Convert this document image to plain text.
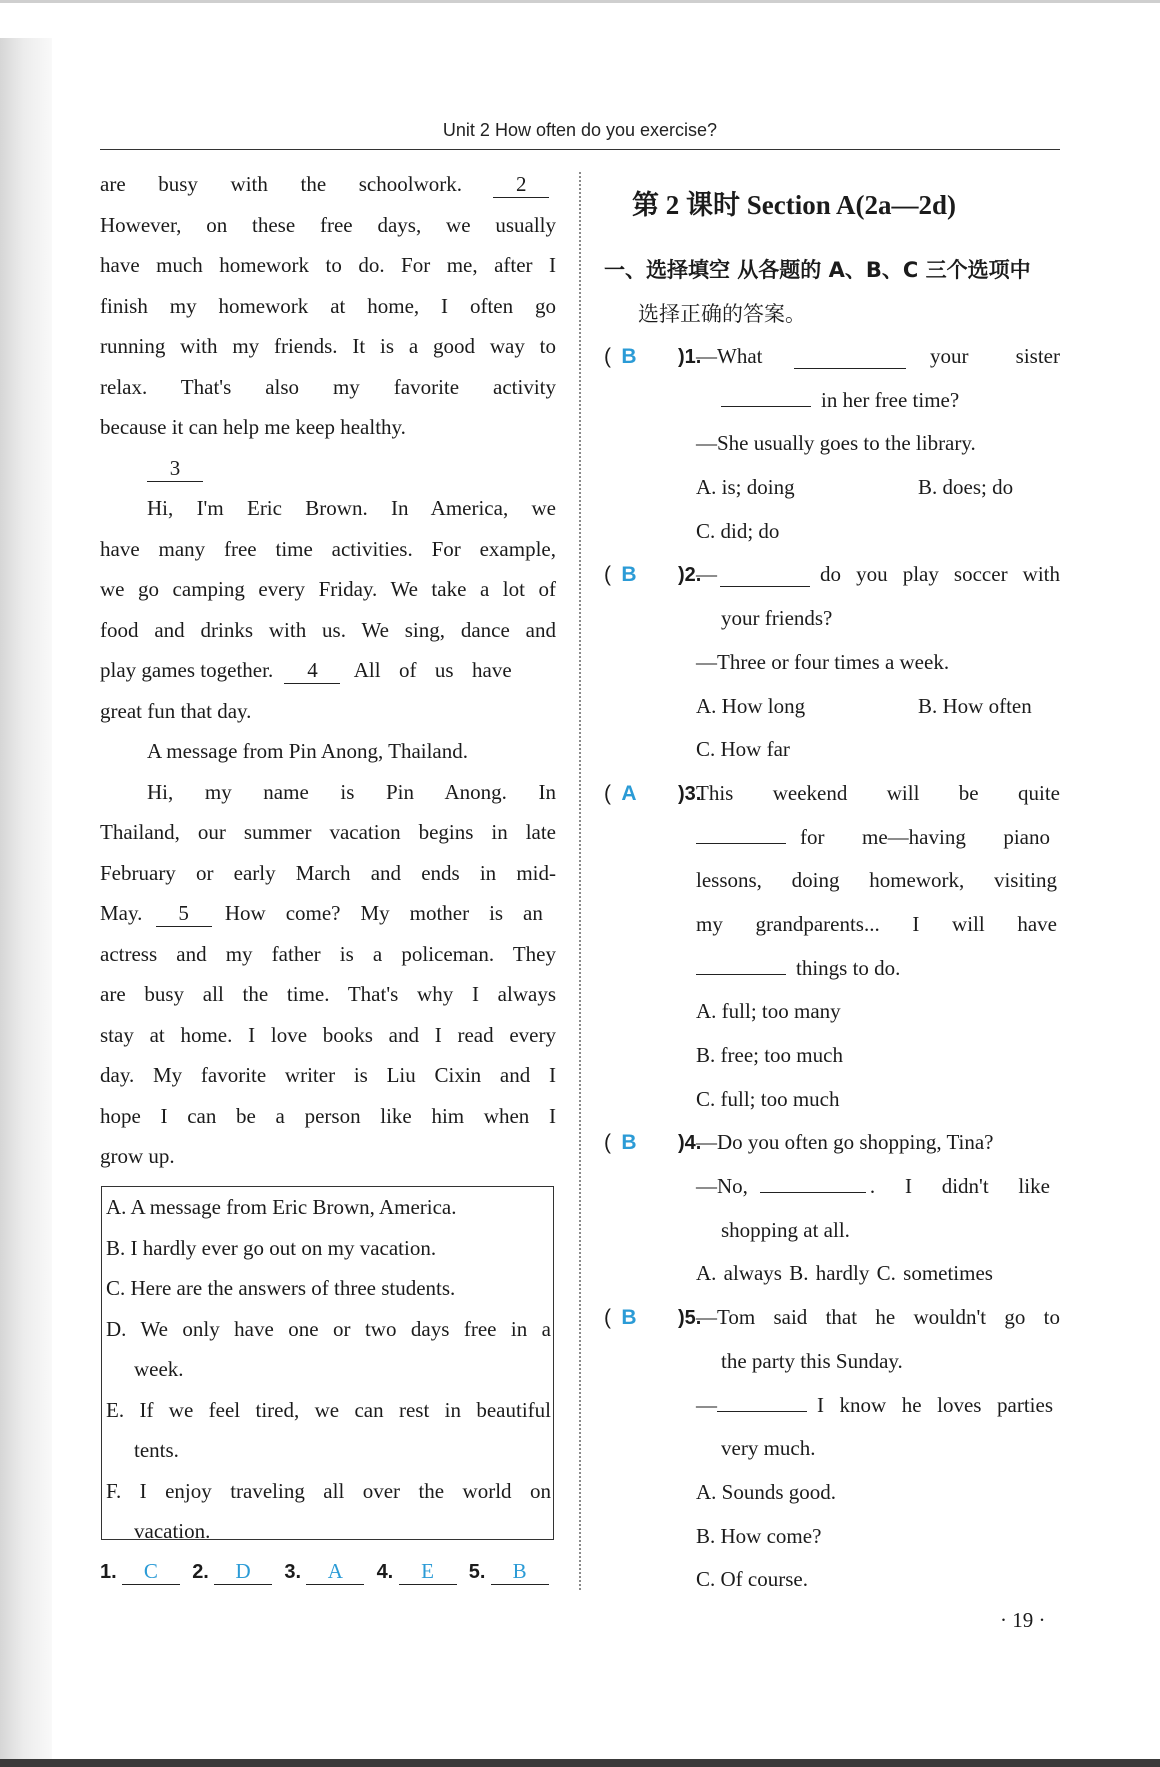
Unit 2 How often do you exercise?
are busy with the schoolwork.	2
However, on these free days, we usually
have much homework to do. For me, after I
finish my homework at home, I often go
running with my friends. It is a good way to
relax. That's also my favorite activity
because it can help me keep healthy.
3
Hi, I'm Eric Brown. In America, we
have many free time activities. For example,
we go camping every Friday. We take a lot of
food and drinks with us. We sing, dance and
play games together. 4 All of us have
great fun that day.
A message from Pin Anong, Thailand.
Hi, my name is Pin Anong. In
Thailand, our summer vacation begins in late
February or early March and ends in mid-
May. 5 How come? My mother is an
actress and my father is a policeman. They
are busy all the time. That's why I always
stay at home. I love books and I read every
day. My favorite writer is Liu Cixin and I
hope I can be a person like him when I
grow up.
A. A message from Eric Brown, America.
B. I hardly ever go out on my vacation.
C. Here are the answers of three students.
D. We only have one or two days free in a
week.
E. If we feel tired, we can rest in beautiful
tents.
F. I enjoy traveling all over the world on
vacation.
1. C 2. D 3. A 4. E 5. B
第 2 课时 Section A(2a—2d)
一、选择填空 从各题的 A、B、C 三个选项中
选择正确的答案。
( B )1.
—What	your sister
in her free time?
—She usually goes to the library.
A. is; doing	B. does; do
C. did; do
( B )2.
—	do you play soccer with
your friends?
—Three or four times a week.
A. How long	B. How often
C. How far
( A )3.
This weekend will be quite
for me—having piano
lessons, doing homework, visiting
my grandparents... I will have
things to do.
A. full; too many
B. free; too much
C. full; too much
( B )4.
—Do you often go shopping, Tina?
—No,	. I didn't like
shopping at all.
A. always B. hardly C. sometimes
( B )5.
—Tom said that he wouldn't go to
the party this Sunday.
—	I know he loves parties
very much.
A. Sounds good.
B. How come?
C. Of course.
· 19 ·
